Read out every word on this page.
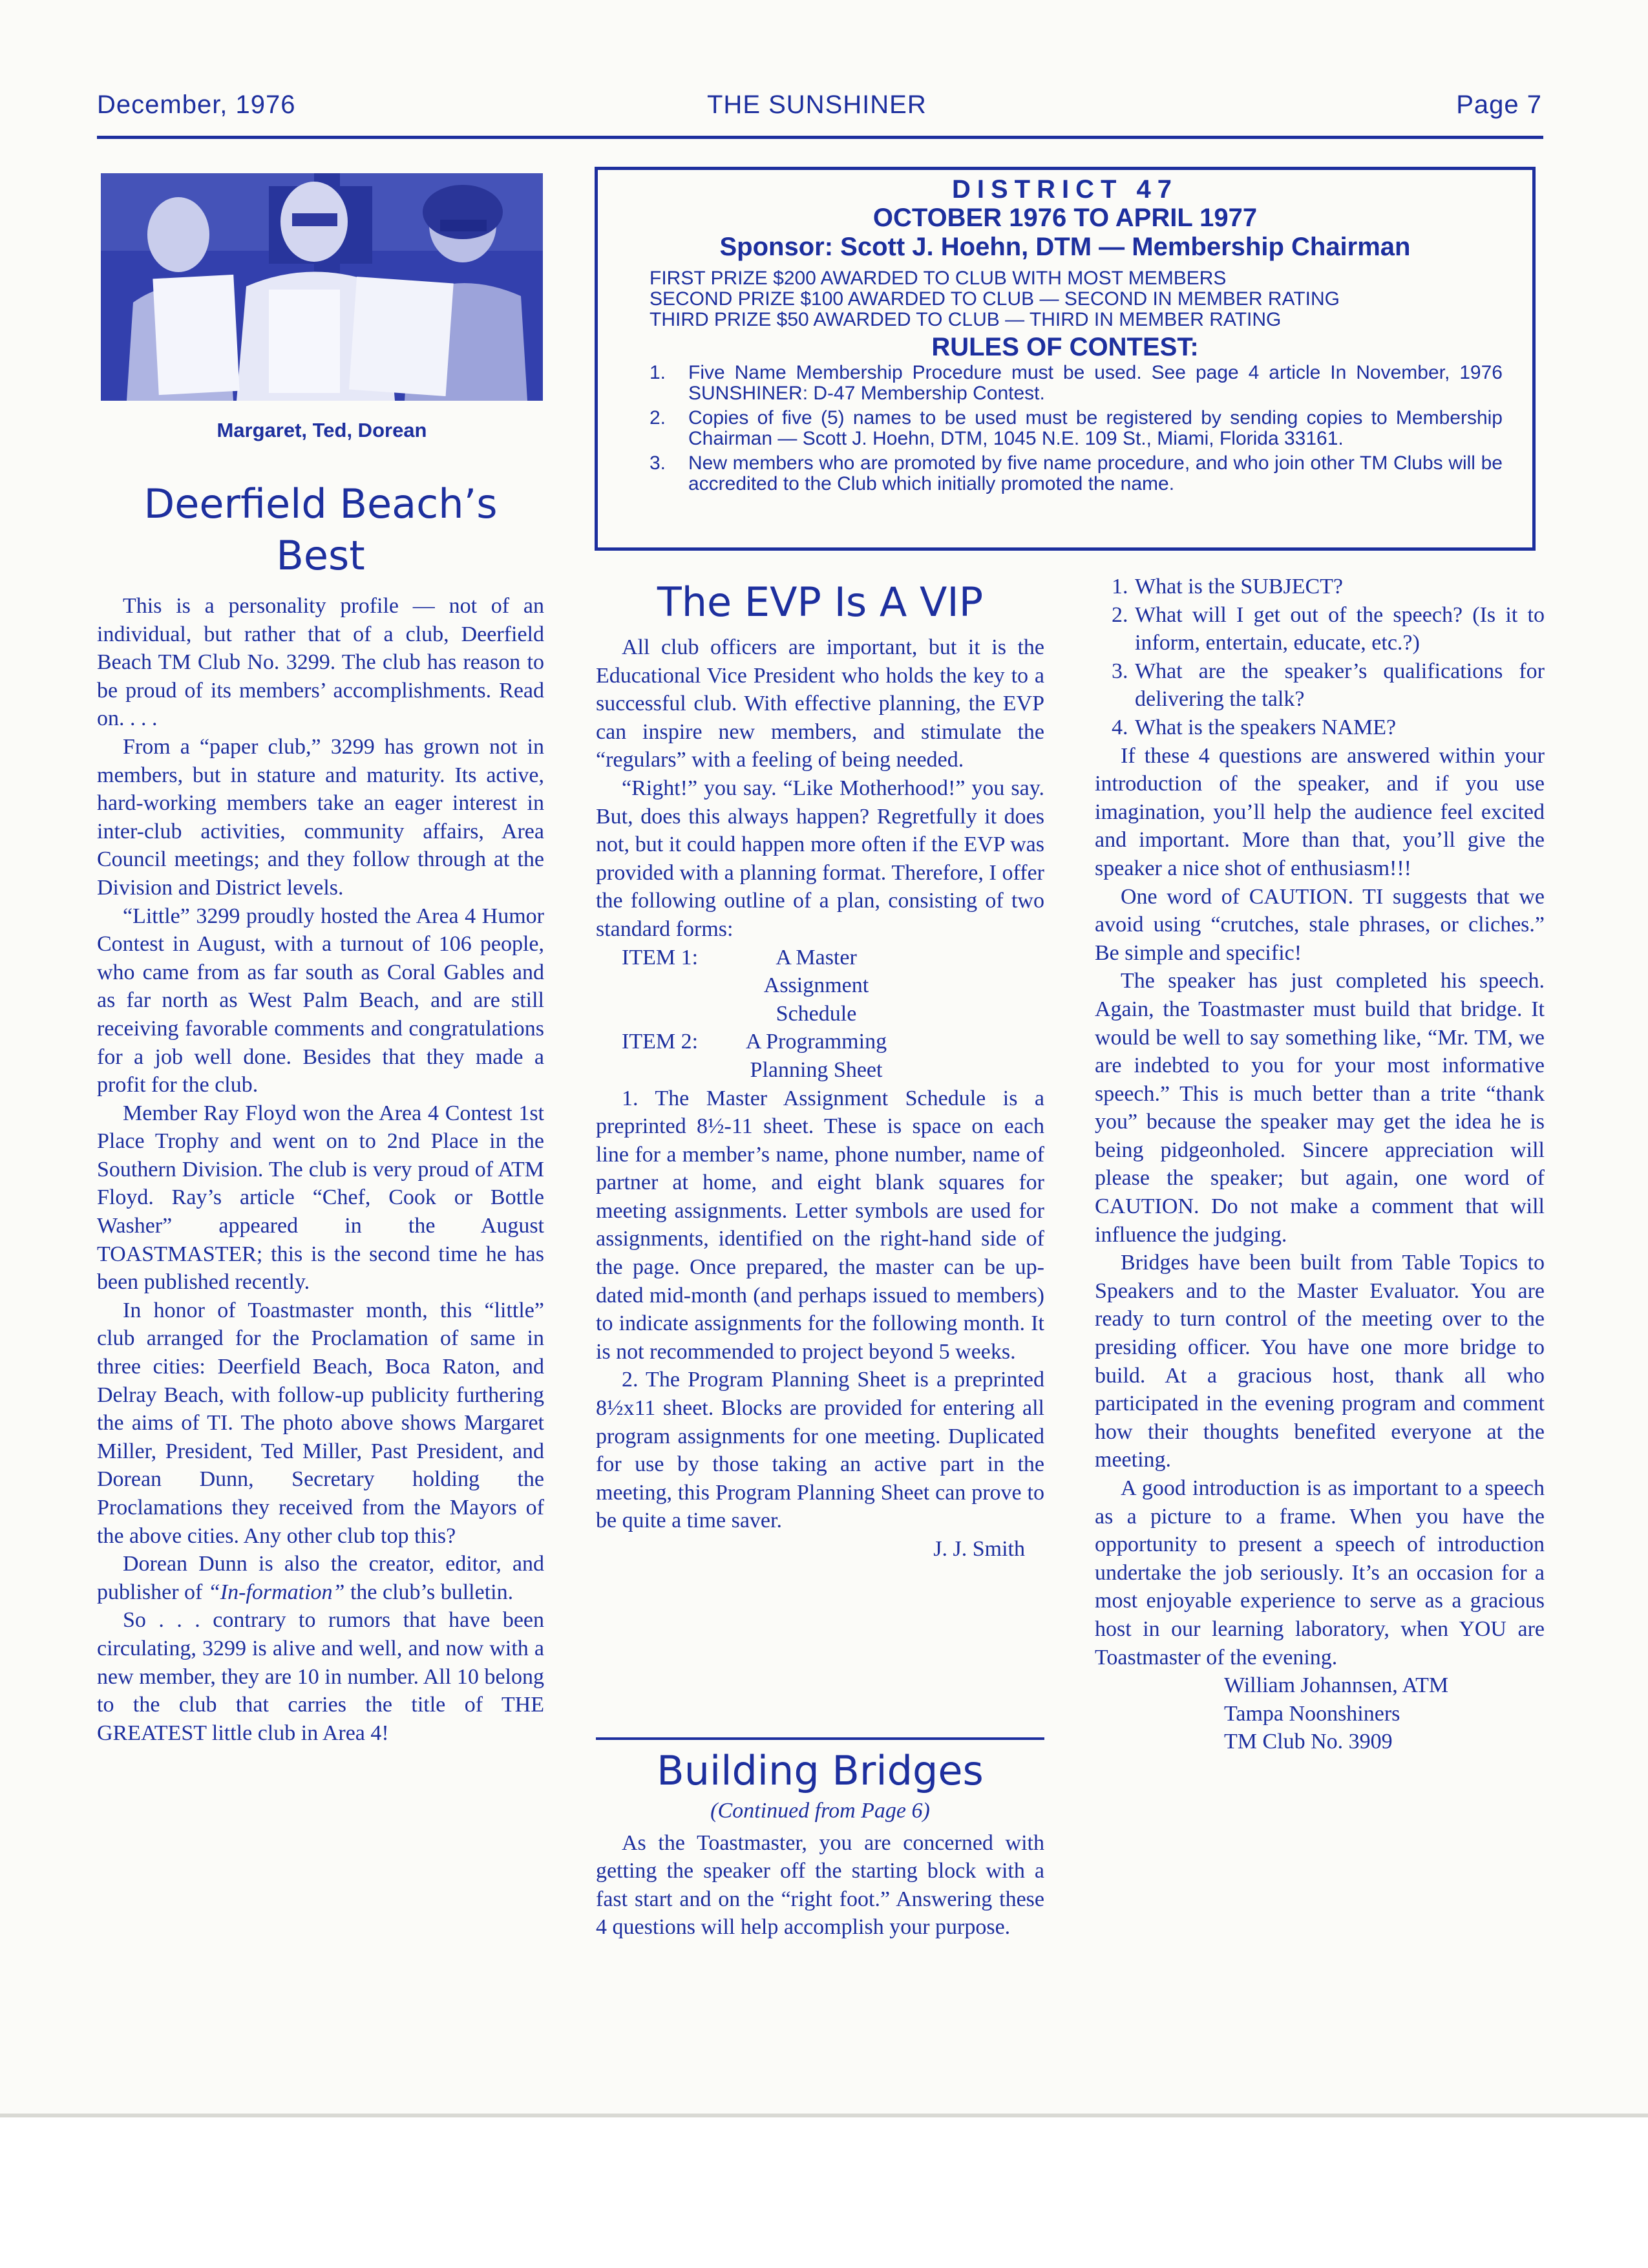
December, 1976	THE SUNSHINER	Page 7
Margaret, Ted, Dorean
Deerfield Beach’s Best

This is a personality profile — not of an individual, but rather that of a club, Deerfield Beach TM Club No. 3299. The club has reason to be proud of its members’ accomplishments. Read on. . . .

From a “paper club,” 3299 has grown not in members, but in stature and maturity. Its active, hard-working members take an eager interest in inter-club activities, community affairs, Area Council meetings; and they follow through at the Division and District levels.

“Little” 3299 proudly hosted the Area 4 Humor Contest in August, with a turnout of 106 people, who came from as far south as Coral Gables and as far north as West Palm Beach, and are still receiving favorable comments and congratulations for a job well done. Besides that they made a profit for the club.

Member Ray Floyd won the Area 4 Contest 1st Place Trophy and went on to 2nd Place in the Southern Division. The club is very proud of ATM Floyd. Ray’s article “Chef, Cook or Bottle Washer” appeared in the August TOASTMASTER; this is the second time he has been published recently.

In honor of Toastmaster month, this “little” club arranged for the Proclamation of same in three cities: Deerfield Beach, Boca Raton, and Delray Beach, with follow-up publicity furthering the aims of TI. The photo above shows Margaret Miller, President, Ted Miller, Past President, and Dorean Dunn, Secretary holding the Proclamations they received from the Mayors of the above cities. Any other club top this?

Dorean Dunn is also the creator, editor, and publisher of “In-formation” the club’s bulletin.

So . . . contrary to rumors that have been circulating, 3299 is alive and well, and now with a new member, they are 10 in number. All 10 belong to the club that carries the title of THE GREATEST little club in Area 4!

DISTRICT 47
OCTOBER 1976 TO APRIL 1977
Sponsor: Scott J. Hoehn, DTM — Membership Chairman
FIRST PRIZE $200 AWARDED TO CLUB WITH MOST MEMBERS
SECOND PRIZE $100 AWARDED TO CLUB — SECOND IN MEMBER RATING
THIRD PRIZE $50 AWARDED TO CLUB — THIRD IN MEMBER RATING
RULES OF CONTEST:
1. Five Name Membership Procedure must be used. See page 4 article In November, 1976 SUNSHINER: D-47 Membership Contest.
2. Copies of five (5) names to be used must be registered by sending copies to Membership Chairman — Scott J. Hoehn, DTM, 1045 N.E. 109 St., Miami, Florida 33161.
3. New members who are promoted by five name procedure, and who join other TM Clubs will be accredited to the Club which initially promoted the name.
The EVP Is A VIP

All club officers are important, but it is the Educational Vice President who holds the key to a successful club. With effective planning, the EVP can inspire new members, and stimulate the “regulars” with a feeling of being needed.

“Right!” you say. “Like Motherhood!” you say. But, does this always happen? Regretfully it does not, but it could happen more often if the EVP was provided with a planning format. Therefore, I offer the following outline of a plan, consisting of two standard forms:

ITEM 1:	A Master Assignment Schedule
ITEM 2:	A Programming Planning Sheet

1. The Master Assignment Schedule is a preprinted 8½-11 sheet. These is space on each line for a member’s name, phone number, name of partner at home, and eight blank squares for meeting assignments. Letter symbols are used for assignments, identified on the right-hand side of the page. Once prepared, the master can be up-dated mid-month (and perhaps issued to members) to indicate assignments for the following month. It is not recommended to project beyond 5 weeks.

2. The Program Planning Sheet is a preprinted 8½x11 sheet. Blocks are provided for entering all program assignments for one meeting. Duplicated for use by those taking an active part in the meeting, this Program Planning Sheet can prove to be quite a time saver.

J. J. Smith

Building Bridges
(Continued from Page 6)

As the Toastmaster, you are concerned with getting the speaker off the starting block with a fast start and on the “right foot.” Answering these 4 questions will help accomplish your purpose.

1. What is the SUBJECT?
2. What will I get out of the speech? (Is it to inform, entertain, educate, etc.?)
3. What are the speaker’s qualifications for delivering the talk?
4. What is the speakers NAME?

If these 4 questions are answered within your introduction of the speaker, and if you use imagination, you’ll help the audience feel excited and important. More than that, you’ll give the speaker a nice shot of enthusiasm!!!

One word of CAUTION. TI suggests that we avoid using “crutches, stale phrases, or cliches.” Be simple and specific!

The speaker has just completed his speech. Again, the Toastmaster must build that bridge. It would be well to say something like, “Mr. TM, we are indebted to you for your most informative speech.” This is much better than a trite “thank you” because the speaker may get the idea he is being pidgeonholed. Sincere appreciation will please the speaker; but again, one word of CAUTION. Do not make a comment that will influence the judging.

Bridges have been built from Table Topics to Speakers and to the Master Evaluator. You are ready to turn control of the meeting over to the presiding officer. You have one more bridge to build. At a gracious host, thank all who participated in the evening program and comment how their thoughts benefited everyone at the meeting.

A good introduction is as important to a speech as a picture to a frame. When you have the opportunity to present a speech of introduction undertake the job seriously. It’s an occasion for a most enjoyable experience to serve as a gracious host in our learning laboratory, when YOU are Toastmaster of the evening.

William Johannsen, ATM

Tampa Noonshiners

TM Club No. 3909
